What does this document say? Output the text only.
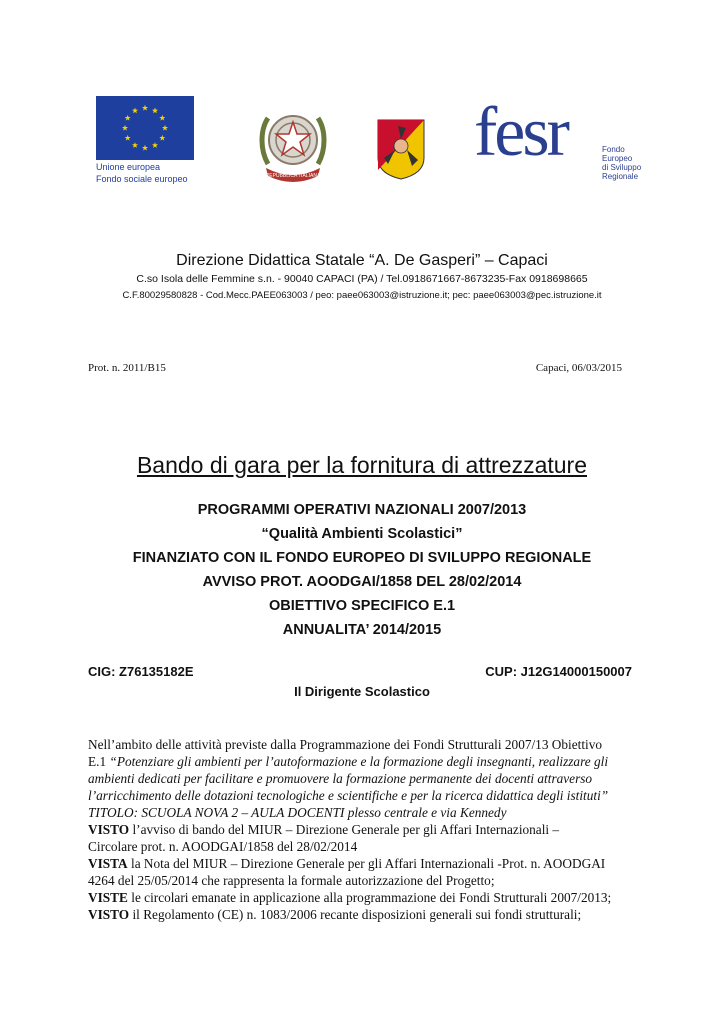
Unione europea
Fondo sociale europeo	REPUBBLICA ITALIANA
fesr	Fondo
Europeo
di Sviluppo
Regionale
Direzione Didattica Statale “A. De Gasperi” – Capaci
C.so Isola delle Femmine s.n. - 90040 CAPACI (PA) / Tel.0918671667-8673235-Fax 0918698665
C.F.80029580828 - Cod.Mecc.PAEE063003 / peo: paee063003@istruzione.it; pec: paee063003@pec.istruzione.it
Prot. n. 2011/B15	Capaci, 06/03/2015
Bando di gara per la fornitura di attrezzature
PROGRAMMI OPERATIVI NAZIONALI 2007/2013
“Qualità Ambienti Scolastici”
FINANZIATO CON IL FONDO EUROPEO DI SVILUPPO REGIONALE
AVVISO PROT. AOODGAI/1858 DEL 28/02/2014
OBIETTIVO SPECIFICO E.1
ANNUALITA’ 2014/2015
CIG: Z76135182E	CUP: J12G14000150007
Il Dirigente Scolastico
Nell’ambito delle attività previste dalla Programmazione dei Fondi Strutturali 2007/13 Obiettivo
E.1 “Potenziare gli ambienti per l’autoformazione e la formazione degli insegnanti, realizzare gli
ambienti dedicati per facilitare e promuovere la formazione permanente dei docenti attraverso
l’arricchimento delle dotazioni tecnologiche e scientifiche e per la ricerca didattica degli istituti”
TITOLO: SCUOLA NOVA 2 – AULA DOCENTI plesso centrale e via Kennedy
VISTO l’avviso di bando del MIUR – Direzione Generale per gli Affari Internazionali –
Circolare prot. n. AOODGAI/1858 del 28/02/2014
VISTA la Nota del MIUR – Direzione Generale per gli Affari Internazionali -Prot. n. AOODGAI
4264 del 25/05/2014 che rappresenta la formale autorizzazione del Progetto;
VISTE le circolari emanate in applicazione alla programmazione dei Fondi Strutturali 2007/2013;
VISTO il Regolamento (CE) n. 1083/2006 recante disposizioni generali sui fondi strutturali;
